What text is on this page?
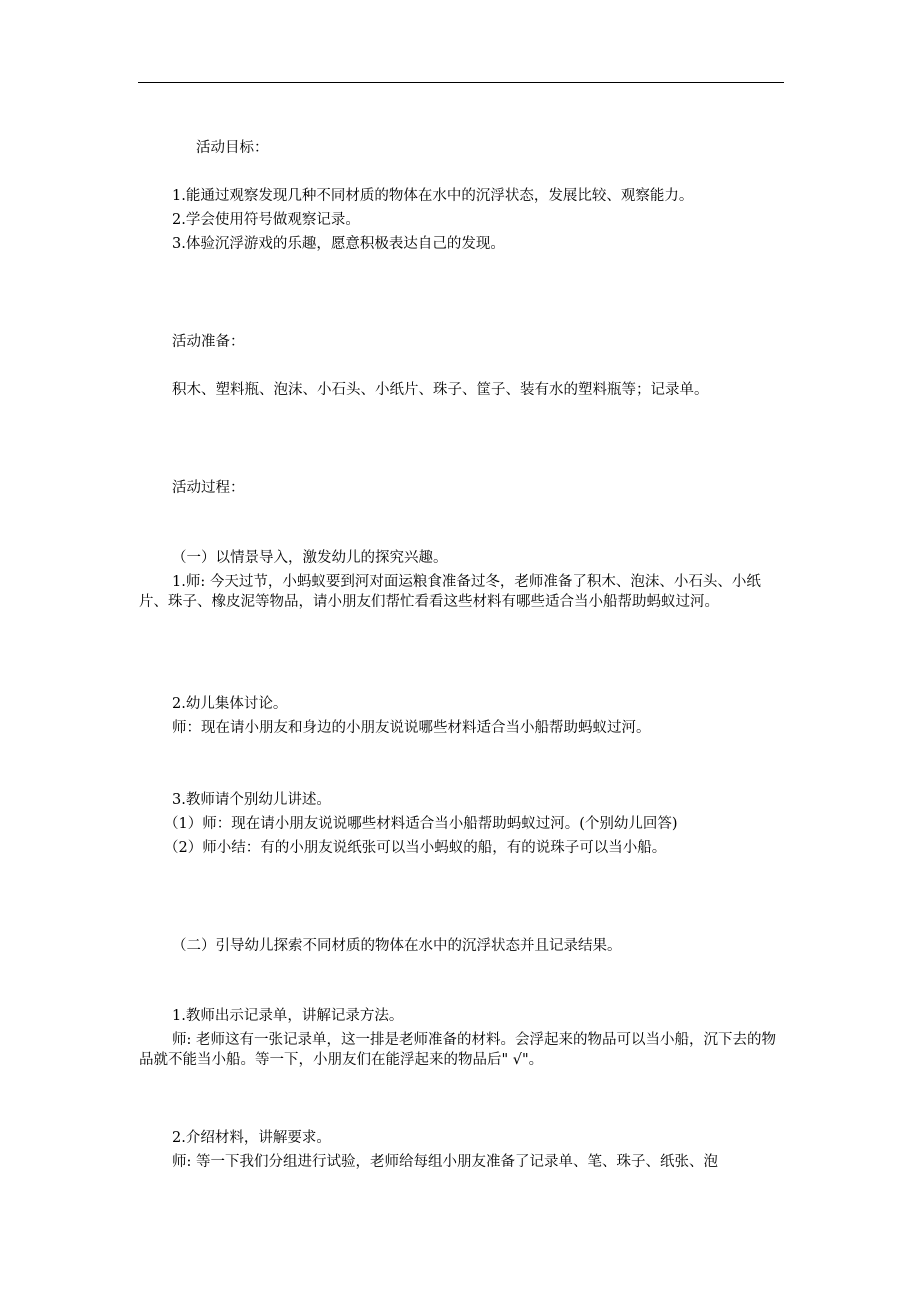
活动目标：
1.能通过观察发现几种不同材质的物体在水中的沉浮状态，发展比较、观察能力。
2.学会使用符号做观察记录。
3.体验沉浮游戏的乐趣，愿意积极表达自己的发现。
活动准备：
积木、塑料瓶、泡沫、小石头、小纸片、珠子、筐子、装有水的塑料瓶等；记录单。
活动过程：
（一）以情景导入，激发幼儿的探究兴趣。
1.师: 今天过节，小蚂蚁要到河对面运粮食准备过冬，老师准备了积木、泡沫、小石头、小纸片、珠子、橡皮泥等物品，请小朋友们帮忙看看这些材料有哪些适合当小船帮助蚂蚁过河。
2.幼儿集体讨论。
师：现在请小朋友和身边的小朋友说说哪些材料适合当小船帮助蚂蚁过河。
3.教师请个别幼儿讲述。
（1）师：现在请小朋友说说哪些材料适合当小船帮助蚂蚁过河。(个别幼儿回答)
（2）师小结：有的小朋友说纸张可以当小蚂蚁的船，有的说珠子可以当小船。
（二）引导幼儿探索不同材质的物体在水中的沉浮状态并且记录结果。
1.教师出示记录单，讲解记录方法。
师: 老师这有一张记录单，这一排是老师准备的材料。会浮起来的物品可以当小船，沉下去的物品就不能当小船。等一下，小朋友们在能浮起来的物品后" √"。
2.介绍材料，讲解要求。
师: 等一下我们分组进行试验，老师给每组小朋友准备了记录单、笔、珠子、纸张、泡
